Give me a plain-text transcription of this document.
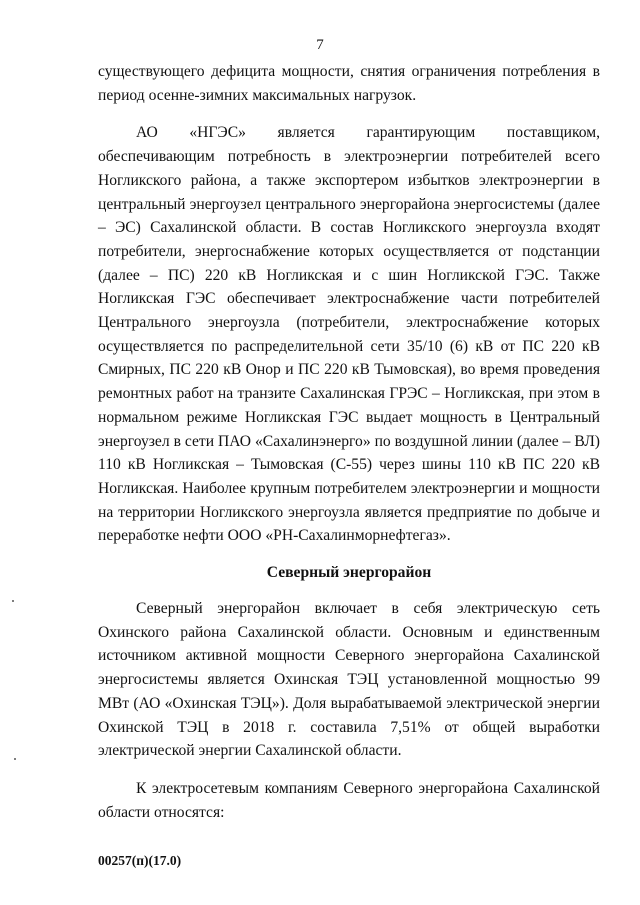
7

существующего дефицита мощности, снятия ограничения потребления в период осенне-зимних максимальных нагрузок.

АО «НГЭС» является гарантирующим поставщиком, обеспечивающим потребность в электроэнергии потребителей всего Ногликского района, а также экспортером избытков электроэнергии в центральный энергоузел центрального энергорайона энергосистемы (далее – ЭС) Сахалинской области. В состав Ногликского энергоузла входят потребители, энергоснабжение которых осуществляется от подстанции (далее – ПС) 220 кВ Ногликская и с шин Ногликской ГЭС. Также Ногликская ГЭС обеспечивает электроснабжение части потребителей Центрального энергоузла (потребители, электроснабжение которых осуществляется по распределительной сети 35/10 (6) кВ от ПС 220 кВ Смирных, ПС 220 кВ Онор и ПС 220 кВ Тымовская), во время проведения ремонтных работ на транзите Сахалинская ГРЭС – Ногликская, при этом в нормальном режиме Ногликская ГЭС выдает мощность в Центральный энергоузел в сети ПАО «Сахалинэнерго» по воздушной линии (далее – ВЛ) 110 кВ Ногликская – Тымовская (С-55) через шины 110 кВ ПС 220 кВ Ногликская. Наиболее крупным потребителем электроэнергии и мощности на территории Ногликского энергоузла является предприятие по добыче и переработке нефти ООО «РН-Сахалинморнефтегаз».

Северный энергорайон

Северный энергорайон включает в себя электрическую сеть Охинского района Сахалинской области. Основным и единственным источником активной мощности Северного энергорайона Сахалинской энергосистемы является Охинская ТЭЦ установленной мощностью 99 МВт (АО «Охинская ТЭЦ»). Доля вырабатываемой электрической энергии Охинской ТЭЦ в 2018 г. составила 7,51% от общей выработки электрической энергии Сахалинской области.

К электросетевым компаниям Северного энергорайона Сахалинской области относятся:

00257(п)(17.0)
